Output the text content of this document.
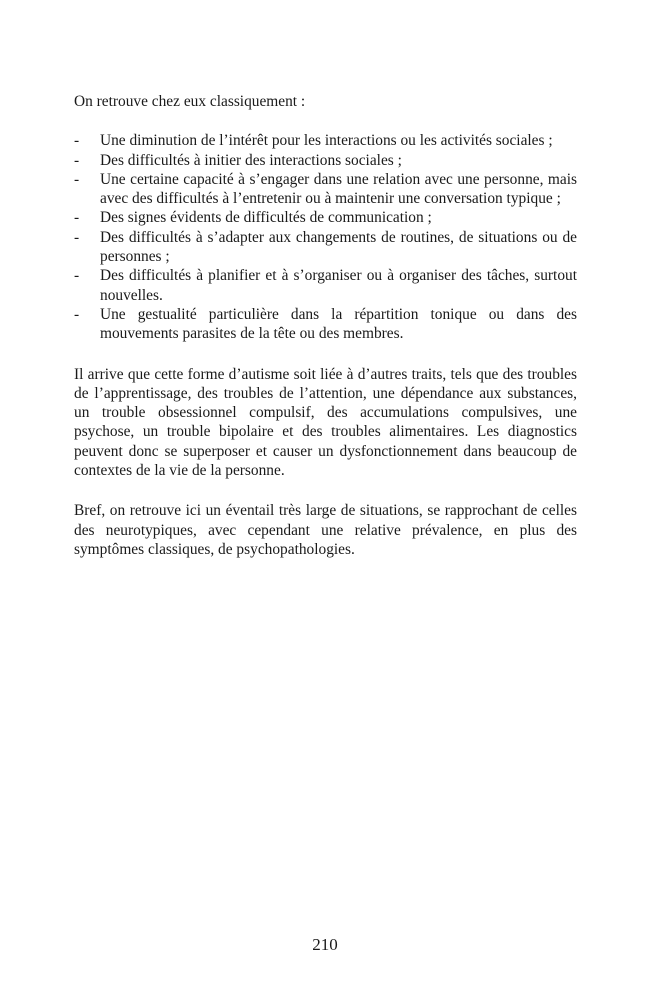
On retrouve chez eux classiquement :

- Une diminution de l’intérêt pour les interactions ou les activités sociales ;
- Des difficultés à initier des interactions sociales ;
- Une certaine capacité à s’engager dans une relation avec une personne, mais avec des difficultés à l’entretenir ou à maintenir une conversation typique ;
- Des signes évidents de difficultés de communication ;
- Des difficultés à s’adapter aux changements de routines, de situations ou de personnes ;
- Des difficultés à planifier et à s’organiser ou à organiser des tâches, surtout nouvelles.
- Une gestualité particulière dans la répartition tonique ou dans des mouvements parasites de la tête ou des membres.

Il arrive que cette forme d’autisme soit liée à d’autres traits, tels que des troubles de l’apprentissage, des troubles de l’attention, une dépendance aux substances, un trouble obsessionnel compulsif, des accumulations compulsives, une psychose, un trouble bipolaire et des troubles alimentaires. Les diagnostics peuvent donc se superposer et causer un dysfonctionnement dans beaucoup de contextes de la vie de la personne.

Bref, on retrouve ici un éventail très large de situations, se rapprochant de celles des neurotypiques, avec cependant une relative prévalence, en plus des symptômes classiques, de psychopathologies.

210
